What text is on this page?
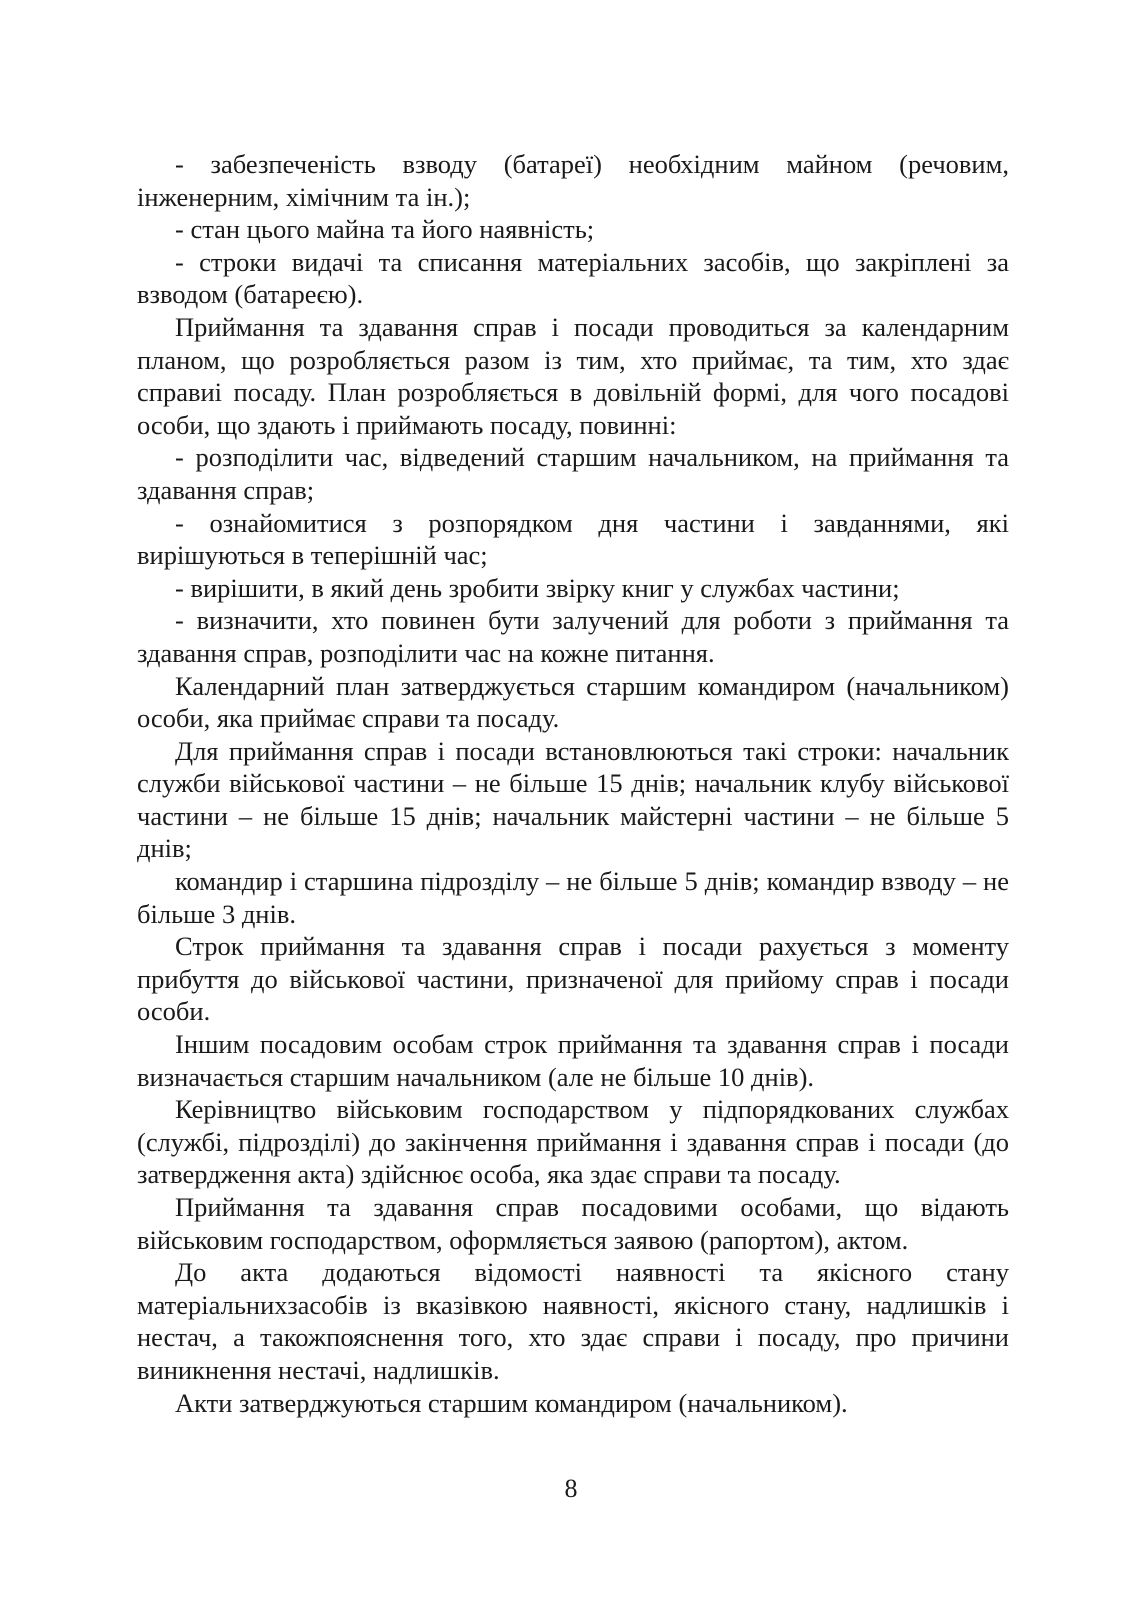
- забезпеченість взводу (батареї) необхідним майном (речовим, інженерним, хімічним та ін.);

- стан цього майна та його наявність;

- строки видачі та списання матеріальних засобів, що закріплені за взводом (батареєю).

Приймання та здавання справ і посади проводиться за календарним планом, що розробляється разом із тим, хто приймає, та тим, хто здає справиі посаду. План розробляється в довільній формі, для чого посадові особи, що здають і приймають посаду, повинні:

- розподілити час, відведений старшим начальником, на приймання та здавання справ;

- ознайомитися з розпорядком дня частини і завданнями, які вирішуються в теперішній час;

- вирішити, в який день зробити звірку книг у службах частини;

- визначити, хто повинен бути залучений для роботи з приймання та здавання справ, розподілити час на кожне питання.

Календарний план затверджується старшим командиром (начальником) особи, яка приймає справи та посаду.

Для приймання справ і посади встановлюються такі строки: начальник служби військової частини – не більше 15 днів; начальник клубу військової частини – не більше 15 днів; начальник майстерні частини – не більше 5 днів;

командир і старшина підрозділу – не більше 5 днів; командир взводу – не більше 3 днів.

Строк приймання та здавання справ і посади рахується з моменту прибуття до військової частини, призначеної для прийому справ і посади особи.

Іншим посадовим особам строк приймання та здавання справ і посади визначається старшим начальником (але не більше 10 днів).

Керівництво військовим господарством у підпорядкованих службах (службі, підрозділі) до закінчення приймання і здавання справ і посади (до затвердження акта) здійснює особа, яка здає справи та посаду.

Приймання та здавання справ посадовими особами, що відають військовим господарством, оформляється заявою (рапортом), актом.

До акта додаються відомості наявності та якісного стану матеріальнихзасобів із вказівкою наявності, якісного стану, надлишків і нестач, а такожпояснення того, хто здає справи і посаду, про причини виникнення нестачі, надлишків.

Акти затверджуються старшим командиром (начальником).

8
